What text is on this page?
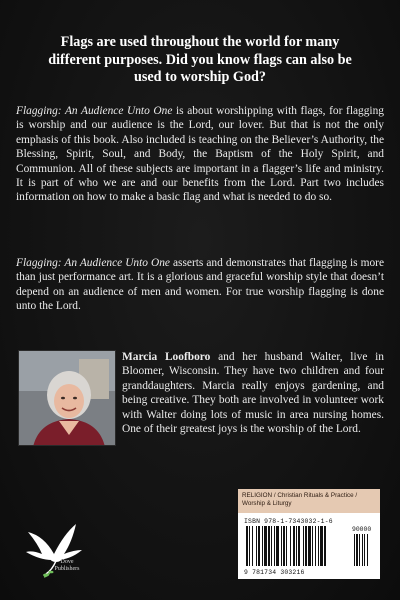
Flags are used throughout the world for many
different purposes. Did you know flags can also be
used to worship God?

Flagging: An Audience Unto One is about worshipping with flags, for flagging is worship and our audience is the Lord, our lover. But that is not the only emphasis of this book. Also included is teaching on the Believer’s Authority, the Blessing, Spirit, Soul, and Body, the Baptism of the Holy Spirit, and Communion. All of these subjects are important in a flagger’s life and ministry. It is part of who we are and our benefits from the Lord. Part two includes information on how to make a basic flag and what is needed to do so.

Flagging: An Audience Unto One asserts and demonstrates that flagging is more than just performance art. It is a glorious and graceful worship style that doesn’t depend on an audience of men and women. For true worship flagging is done unto the Lord.

Marcia Loofboro and her husband Walter, live in Bloomer, Wisconsin. They have two children and four granddaughters. Marcia really enjoys gardening, and being creative. They both are involved in volunteer work with Walter doing lots of music in area nursing homes. One of their greatest joys is the worship of the Lord.

Dove
Publishers
RELIGION / Christian Rituals & Practice / Worship & Liturgy
ISBN 978-1-7343032-1-6
90000
9 781734 303216
